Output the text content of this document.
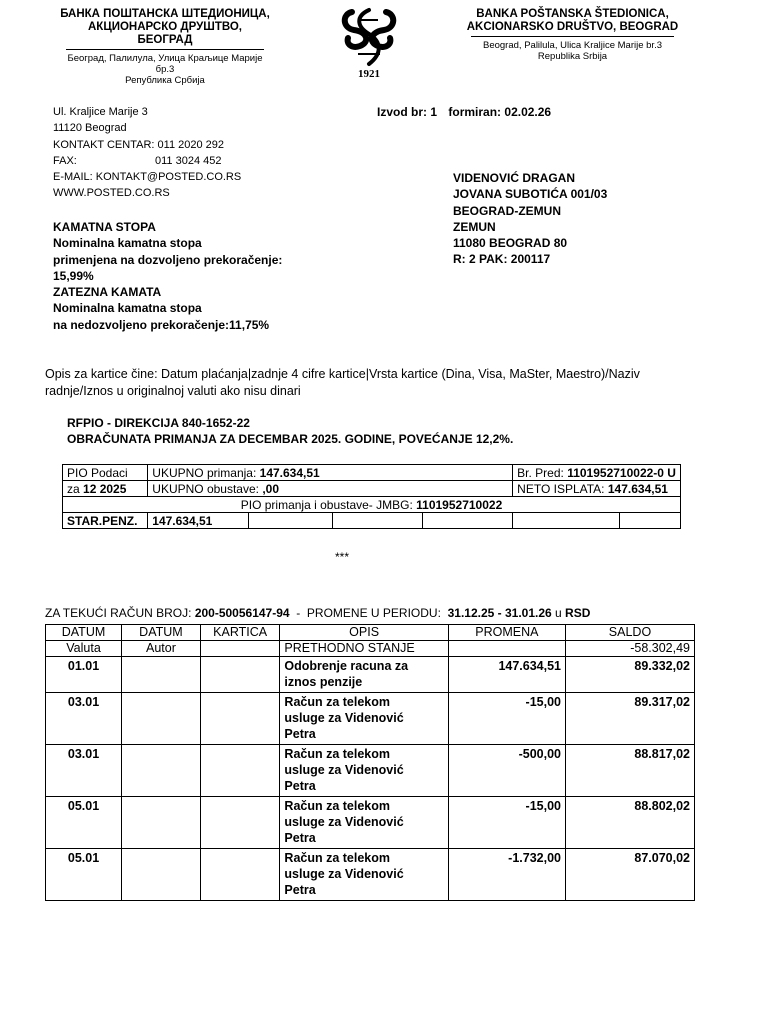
БАНКА ПОШТАНСКА ШТЕДИОНИЦА,
АКЦИОНАРСКО ДРУШТВО, БЕОГРАД
Београд, Палилула, Улица Краљице Марије бр.3
Република Србија
1921
BANKA POŠTANSKA ŠTEDIONICA,
AKCIONARSKO DRUŠTVO, BEOGRAD
Beograd, Palilula, Ulica Kraljice Marije br.3
Republika Srbija
Ul. Kraljice Marije 3
11120 Beograd
KONTAKT CENTAR: 011 2020 292
FAX:	011 3024 452
E-MAIL: KONTAKT@POSTED.CO.RS
WWW.POSTED.CO.RS
Izvod br: 1 formiran: 02.02.26
VIDENOVIĆ DRAGAN
JOVANA SUBOTIĆA 001/03
BEOGRAD-ZEMUN
ZEMUN
11080 BEOGRAD 80
R: 2 PAK: 200117
KAMATNA STOPA
Nominalna kamatna stopa
primenjena na dozvoljeno prekoračenje:
15,99%
ZATEZNA KAMATA
Nominalna kamatna stopa
na nedozvoljeno prekoračenje:11,75%
Opis za kartice čine: Datum plaćanja|zadnje 4 cifre kartice|Vrsta kartice (Dina, Visa, MaSter, Maestro)/Naziv
radnje/Iznos u originalnoj valuti ako nisu dinari
RFPIO - DIREKCIJA 840-1652-22
OBRAČUNATA PRIMANJA ZA DECEMBAR 2025. GODINE, POVEĆANJE 12,2%.
PIO Podaci	UKUPNO primanja: 147.634,51				Br. Pred: 1101952710022-0 U	
za 12 2025	UKUPNO obustave: ,00				NETO ISPLATA: 147.634,51	
PIO primanja i obustave- JMBG: 1101952710022						
STAR.PENZ.	147.634,51					
***
ZA TEKUĆI RAČUN BROJ: 200-50056147-94  -  PROMENE U PERIODU:  31.12.25 - 31.01.26 u RSD
DATUM	DATUM	KARTICA	OPIS	PROMENA	SALDO
Valuta	Autor		PRETHODNO STANJE		-58.302,49
01.01			Odobrenje racuna za
iznos penzije	147.634,51	89.332,02
03.01			Račun za telekom
usluge za Videnović
Petra	-15,00	89.317,02
03.01			Račun za telekom
usluge za Videnović
Petra	-500,00	88.817,02
05.01			Račun za telekom
usluge za Videnović
Petra	-15,00	88.802,02
05.01			Račun za telekom
usluge za Videnović
Petra	-1.732,00	87.070,02
